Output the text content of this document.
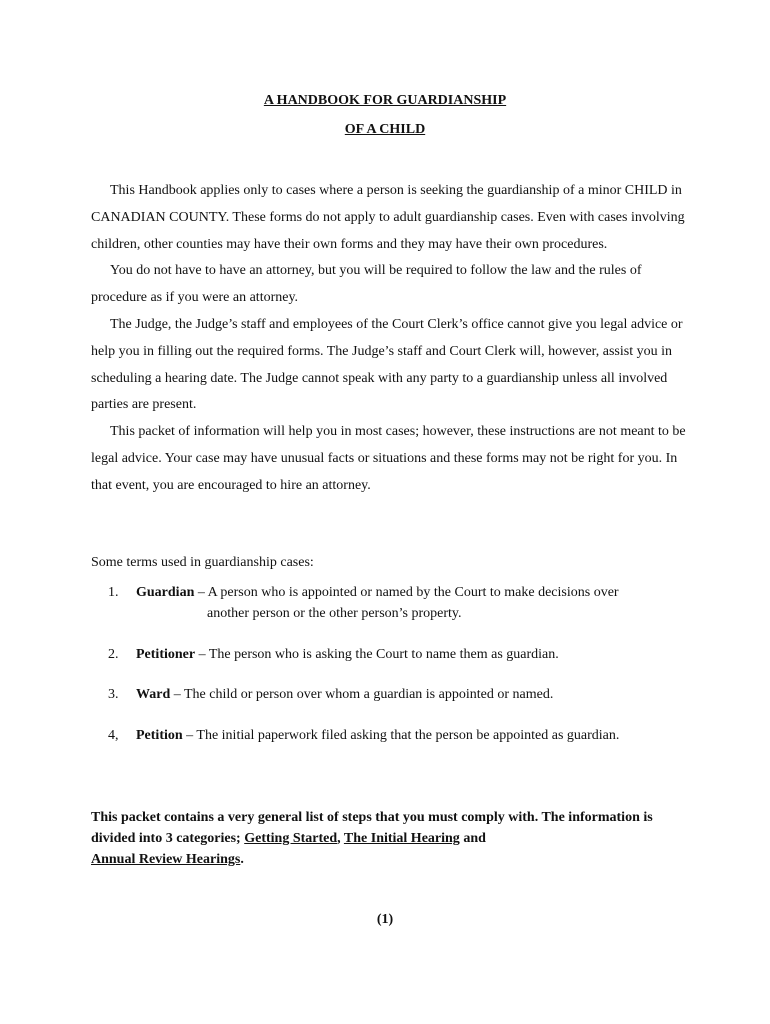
A HANDBOOK FOR GUARDIANSHIP
OF A CHILD

This Handbook applies only to cases where a person is seeking the guardianship of a minor CHILD in CANADIAN COUNTY. These forms do not apply to adult guardianship cases. Even with cases involving children, other counties may have their own forms and they may have their own procedures.

You do not have to have an attorney, but you will be required to follow the law and the rules of procedure as if you were an attorney.

The Judge, the Judge’s staff and employees of the Court Clerk’s office cannot give you legal advice or help you in filling out the required forms. The Judge’s staff and Court Clerk will, however, assist you in scheduling a hearing date. The Judge cannot speak with any party to a guardianship unless all involved parties are present.

This packet of information will help you in most cases; however, these instructions are not meant to be legal advice. Your case may have unusual facts or situations and these forms may not be right for you. In that event, you are encouraged to hire an attorney.

Some terms used in guardianship cases:
1. Guardian – A person who is appointed or named by the Court to make decisions over
another person or the other person’s property.
2. Petitioner – The person who is asking the Court to name them as guardian.
3. Ward – The child or person over whom a guardian is appointed or named.
4, Petition – The initial paperwork filed asking that the person be appointed as guardian.
This packet contains a very general list of steps that you must comply with. The information is divided into 3 categories; Getting Started, The Initial Hearing and
Annual Review Hearings.
(1)
